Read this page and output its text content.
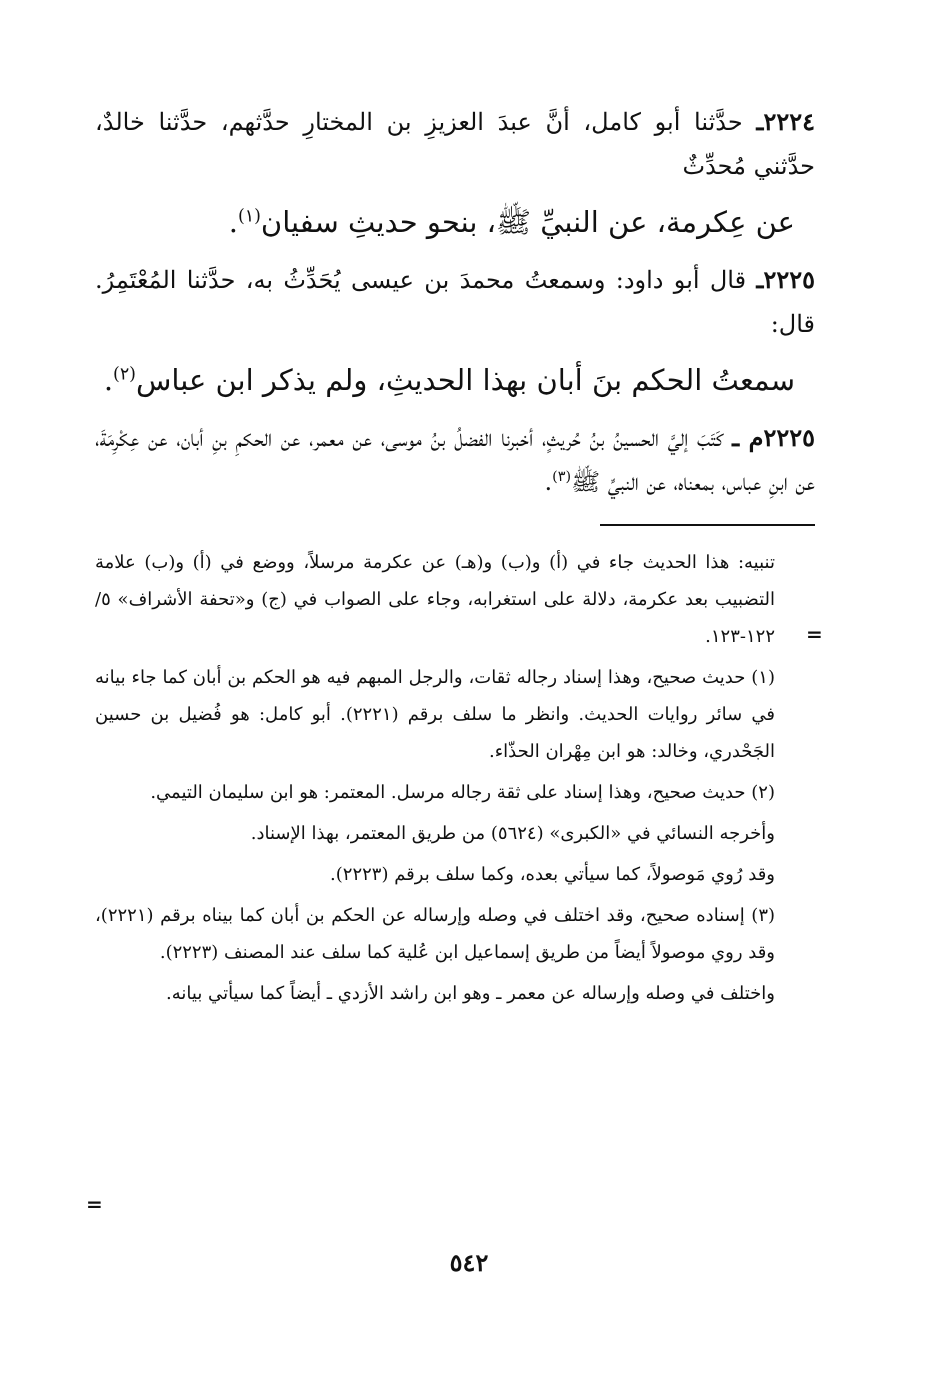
٢٢٢٤ـ حدَّثنا أبو كامل، أنَّ عبدَ العزيزِ بن المختارِ حدَّثهم، حدَّثنا خالدٌ، حدَّثني مُحدِّثٌ

عن عِكرمة، عن النبيِّ ﷺ، بنحو حديثِ سفيان$^{(١)}$.

٢٢٢٥ـ قال أبو داود: وسمعتُ محمدَ بن عيسى يُحَدِّثُ به، حدَّثنا المُعْتَمِرُ. قال:

سمعتُ الحكم بنَ أبان بهذا الحديثِ، ولم يذكر ابن عباس$^{(٢)}$.

٢٢٢٥م ـ كَتَبَ إليَّ الحسينُ بنُ حُريثٍ، أخبرنا الفضلُ بنُ موسى، عن معمر، عن الحكمِ بنِ أبان، عن عِكْرِمَةَ، عن ابنِ عباس، بمعناه، عن النبيِّ ﷺ$^{(٣)}$.

تنبيه: هذا الحديث جاء في (أ) و(ب) و(هـ) عن عكرمة مرسلاً، ووضع في (أ) و(ب) علامة التضبيب بعد عكرمة، دلالة على استغرابه، وجاء على الصواب في (ج) و«تحفة الأشراف» ٥/ ١٢٢-١٢٣.

(١) حديث صحيح، وهذا إسناد رجاله ثقات، والرجل المبهم فيه هو الحكم بن أبان كما جاء بيانه في سائر روايات الحديث. وانظر ما سلف برقم (٢٢٢١). أبو كامل: هو فُضيل بن حسين الجَحْدري، وخالد: هو ابن مِهْران الحذّاء.

(٢) حديث صحيح، وهذا إسناد على ثقة رجاله مرسل. المعتمر: هو ابن سليمان التيمي.

وأخرجه النسائي في «الكبرى» (٥٦٢٤) من طريق المعتمر، بهذا الإسناد.

وقد رُوي مَوصولاً، كما سيأتي بعده، وكما سلف برقم (٢٢٢٣).

(٣) إسناده صحيح، وقد اختلف في وصله وإرساله عن الحكم بن أبان كما بيناه برقم (٢٢٢١)، وقد روي موصولاً أيضاً من طريق إسماعيل ابن عُلية كما سلف عند المصنف (٢٢٢٣).

واختلف في وصله وإرساله عن معمر ـ وهو ابن راشد الأزدي ـ أيضاً كما سيأتي بيانه.

=
=
٥٤٢
